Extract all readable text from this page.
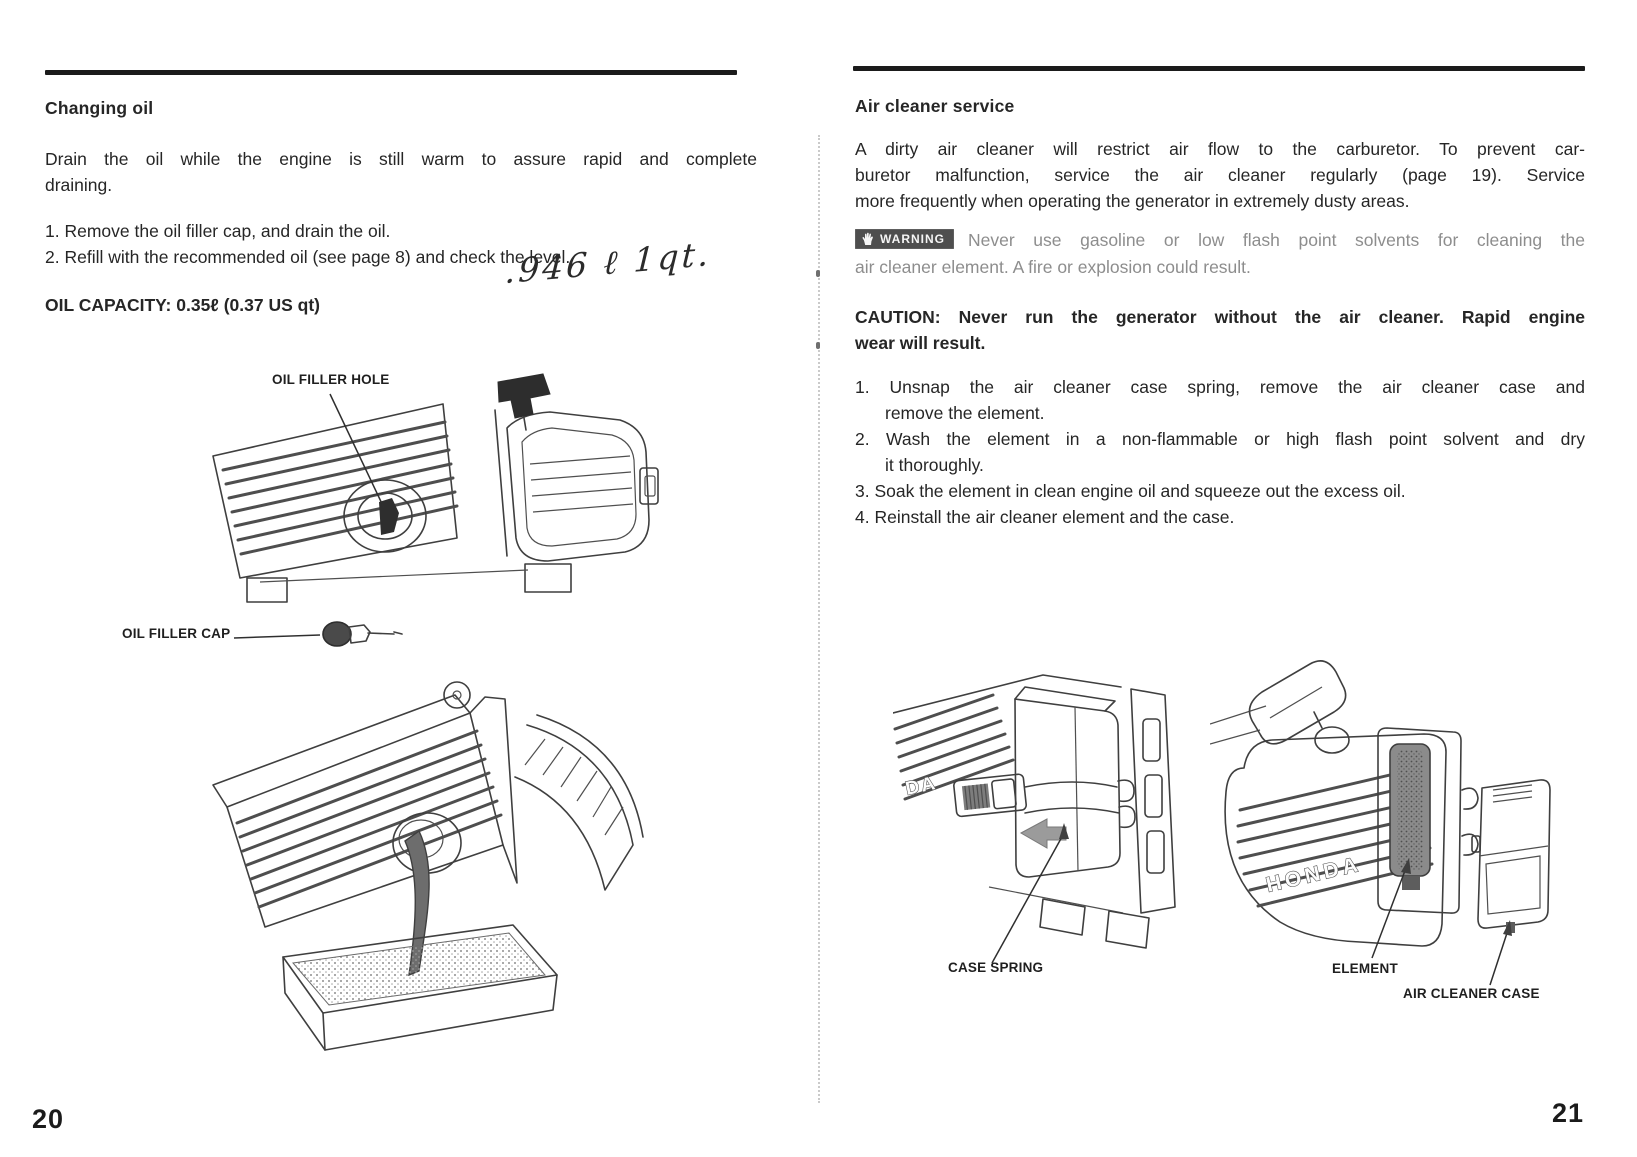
Changing oil
Drain the oil while the engine is still warm to assure rapid and complete
draining.
1. Remove the oil filler cap, and drain the oil.
2. Refill with the recommended oil (see page 8) and check the level.
OIL CAPACITY: 0.35ℓ (0.37 US qt)
.946 ℓ 1qt.
OIL FILLER HOLE
OIL FILLER CAP
20
Air cleaner service
A dirty air cleaner will restrict air flow to the carburetor. To prevent car-
buretor malfunction, service the air cleaner regularly (page 19). Service
more frequently when operating the generator in extremely dusty areas.
WARNING Never use gasoline or low flash point solvents for cleaning the
air cleaner element. A fire or explosion could result.
CAUTION: Never run the generator without the air cleaner. Rapid engine
wear will result.
1. Unsnap the air cleaner case spring, remove the air cleaner case and
remove the element.
2. Wash the element in a non-flammable or high flash point solvent and dry
it thoroughly.
3. Soak the element in clean engine oil and squeeze out the excess oil.
4. Reinstall the air cleaner element and the case.
DA
HONDA
CASE SPRING	ELEMENT
AIR CLEANER CASE
21
